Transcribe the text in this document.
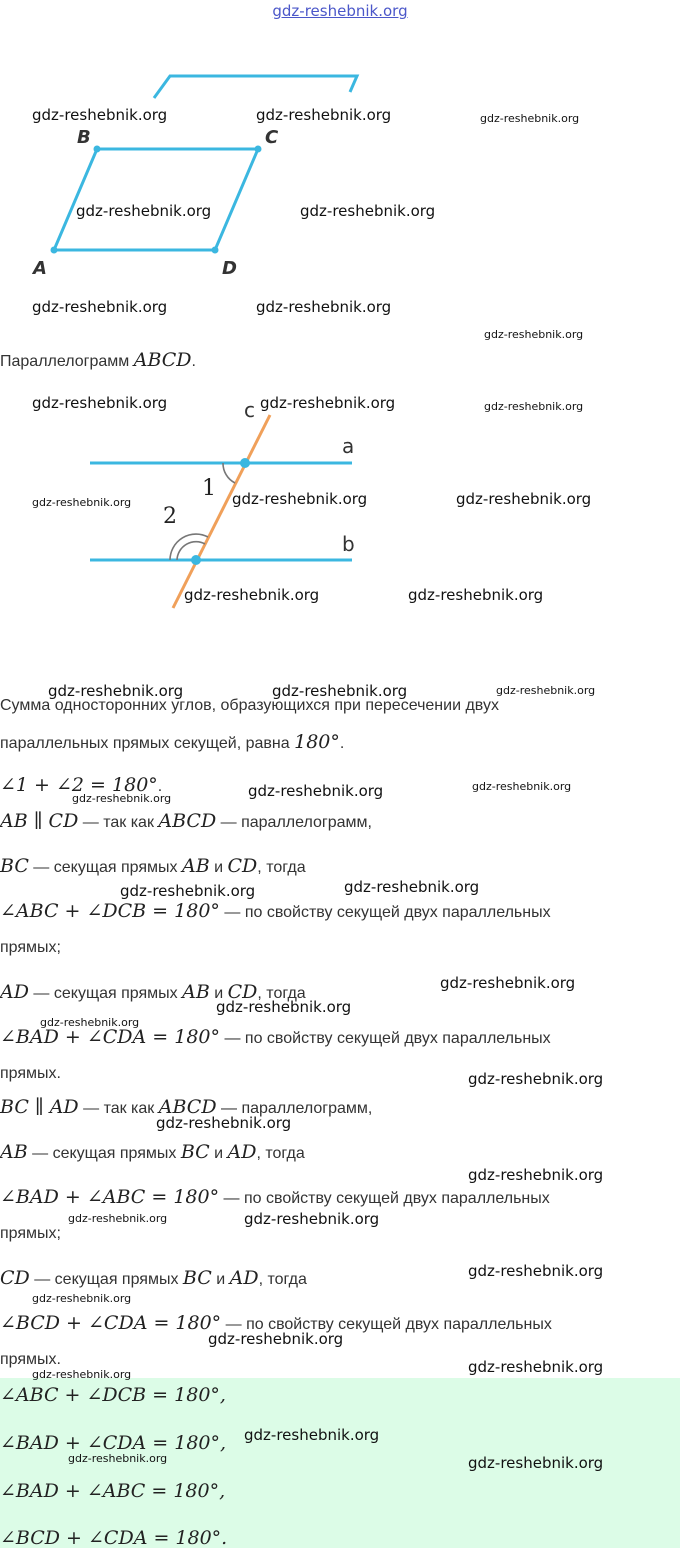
gdz-reshebnik.org
B	C
A	D
Параллелограмм ABCD.
c
a
b
1
2
Сумма односторонних углов, образующихся при пересечении двух
параллельных прямых секущей, равна 180°.
∠1 + ∠2 = 180°.
AB ∥ CD — так как ABCD — параллелограмм,
BC — секущая прямых AB и CD, тогда
∠ABC + ∠DCB = 180° — по свойству секущей двух параллельных
прямых;
AD — секущая прямых AB и CD, тогда
∠BAD + ∠CDA = 180° — по свойству секущей двух параллельных
прямых.
BC ∥ AD — так как ABCD — параллелограмм,
AB — секущая прямых BC и AD, тогда
∠BAD + ∠ABC = 180° — по свойству секущей двух параллельных
прямых;
CD — секущая прямых BC и AD, тогда
∠BCD + ∠CDA = 180° — по свойству секущей двух параллельных
прямых.
∠ABC + ∠DCB = 180°,
∠BAD + ∠CDA = 180°,
∠BAD + ∠ABC = 180°,
∠BCD + ∠CDA = 180°.
gdz-reshebnik.org	gdz-reshebnik.org	gdz-reshebnik.org
gdz-reshebnik.org	gdz-reshebnik.org
gdz-reshebnik.org	gdz-reshebnik.org
gdz-reshebnik.org
gdz-reshebnik.org	gdz-reshebnik.org	gdz-reshebnik.org
gdz-reshebnik.org	gdz-reshebnik.org	gdz-reshebnik.org
gdz-reshebnik.org	gdz-reshebnik.org
gdz-reshebnik.org	gdz-reshebnik.org	gdz-reshebnik.org
gdz-reshebnik.org	gdz-reshebnik.org	gdz-reshebnik.org
gdz-reshebnik.org	gdz-reshebnik.org
gdz-reshebnik.org
gdz-reshebnik.org
gdz-reshebnik.org
gdz-reshebnik.org
gdz-reshebnik.org
gdz-reshebnik.org
gdz-reshebnik.org	gdz-reshebnik.org
gdz-reshebnik.org
gdz-reshebnik.org
gdz-reshebnik.org
gdz-reshebnik.org
gdz-reshebnik.org
gdz-reshebnik.org
gdz-reshebnik.org	gdz-reshebnik.org
